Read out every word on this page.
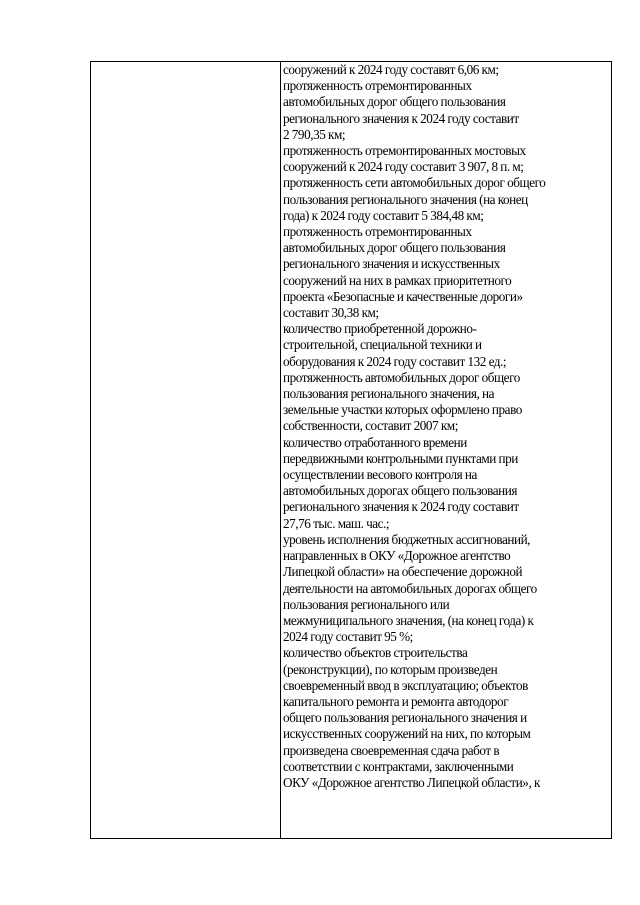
сооружений к 2024 году составят 6,06 км;
протяженность отремонтированных
автомобильных дорог общего пользования
регионального значения к 2024 году составит
2 790,35 км;
протяженность отремонтированных мостовых
сооружений к 2024 году составит 3 907, 8 п. м;
протяженность сети автомобильных дорог общего
пользования регионального значения (на конец
года) к 2024 году составит 5 384,48 км;
протяженность отремонтированных
автомобильных дорог общего пользования
регионального значения и искусственных
сооружений на них в рамках приоритетного
проекта «Безопасные и качественные дороги»
составит 30,38 км;
количество приобретенной дорожно-
строительной, специальной техники и
оборудования к 2024 году составит 132 ед.;
протяженность автомобильных дорог общего
пользования регионального значения, на
земельные участки которых оформлено право
собственности, составит 2007 км;
количество отработанного времени
передвижными контрольными пунктами при
осуществлении весового контроля на
автомобильных дорогах общего пользования
регионального значения к 2024 году составит
27,76 тыс. маш. час.;
уровень исполнения бюджетных ассигнований,
направленных в ОКУ «Дорожное агентство
Липецкой области» на обеспечение дорожной
деятельности на автомобильных дорогах общего
пользования регионального или
межмуниципального значения, (на конец года) к
2024 году составит 95 %;
количество объектов строительства
(реконструкции), по которым произведен
своевременный ввод в эксплуатацию; объектов
капитального ремонта и ремонта автодорог
общего пользования регионального значения и
искусственных сооружений на них, по которым
произведена своевременная сдача работ в
соответствии с контрактами, заключенными
ОКУ «Дорожное агентство Липецкой области», к
